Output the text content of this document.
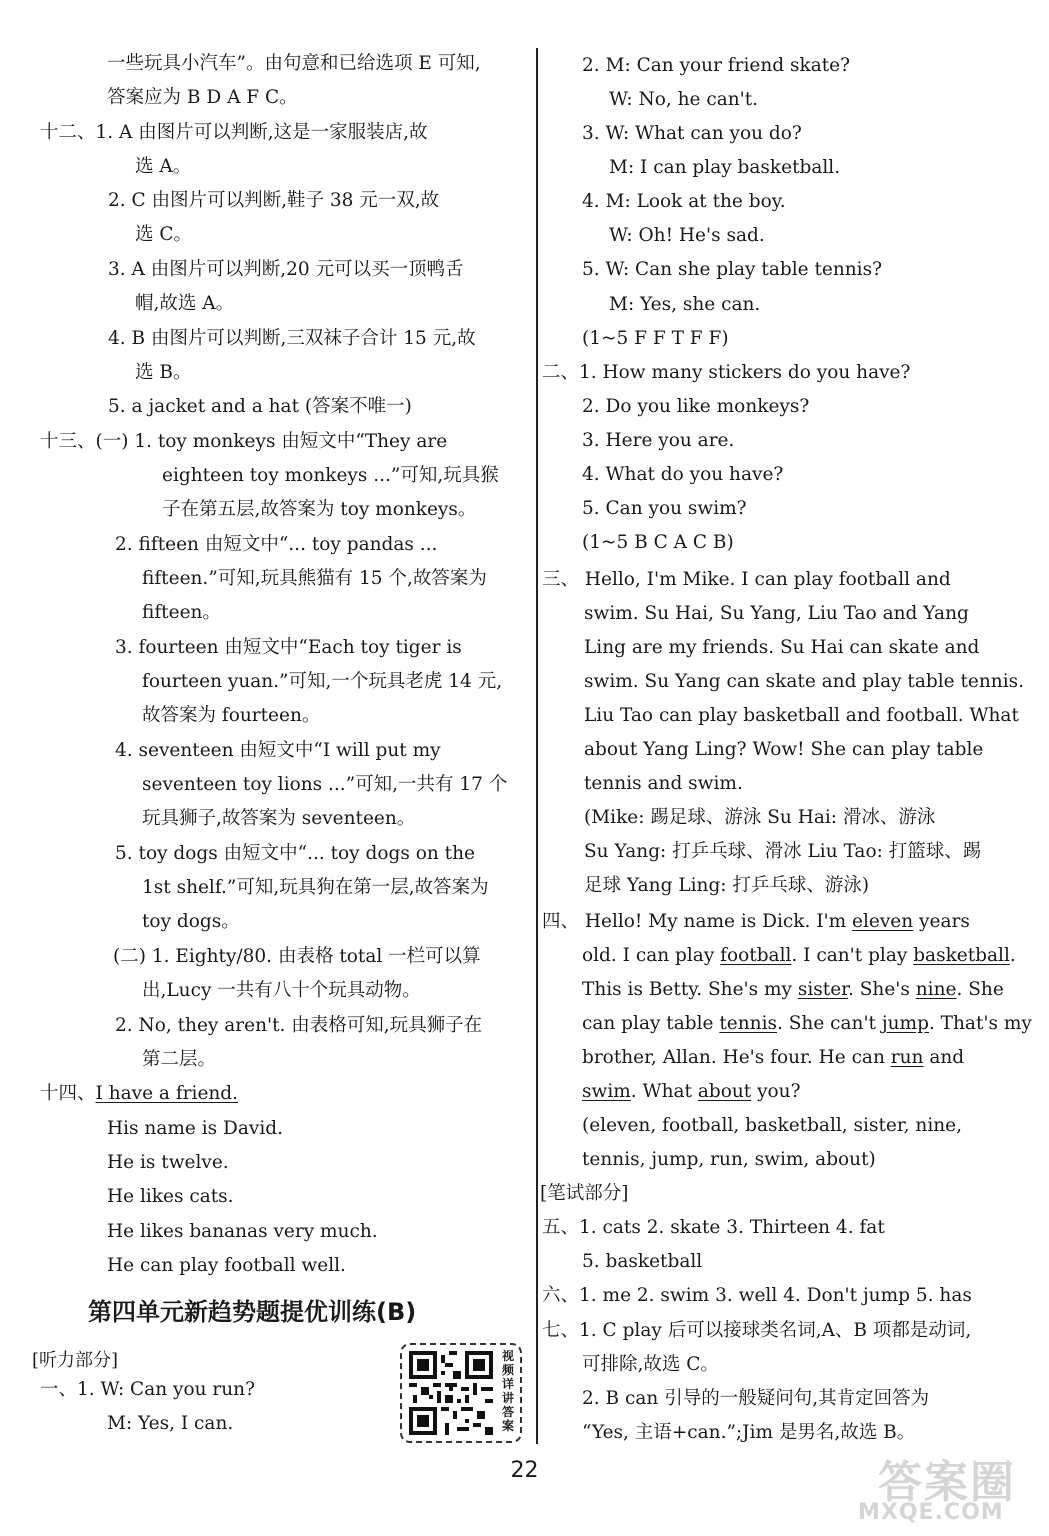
一些玩具小汽车”。由句意和已给选项 E 可知,
答案应为 B D A F C。
十二、1. A 由图片可以判断,这是一家服装店,故
选 A。
2. C 由图片可以判断,鞋子 38 元一双,故
选 C。
3. A 由图片可以判断,20 元可以买一顶鸭舌
帽,故选 A。
4. B 由图片可以判断,三双袜子合计 15 元,故
选 B。
5. a jacket and a hat (答案不唯一)
十三、(一) 1. toy monkeys 由短文中“They are
eighteen toy monkeys ...”可知,玩具猴
子在第五层,故答案为 toy monkeys。
2. fifteen 由短文中“... toy pandas ...
fifteen.”可知,玩具熊猫有 15 个,故答案为
fifteen。
3. fourteen 由短文中“Each toy tiger is
fourteen yuan.”可知,一个玩具老虎 14 元,
故答案为 fourteen。
4. seventeen 由短文中“I will put my
seventeen toy lions ...”可知,一共有 17 个
玩具狮子,故答案为 seventeen。
5. toy dogs 由短文中“... toy dogs on the
1st shelf.”可知,玩具狗在第一层,故答案为
toy dogs。
(二) 1. Eighty/80. 由表格 total 一栏可以算
出,Lucy 一共有八十个玩具动物。
2. No, they aren't. 由表格可知,玩具狮子在
第二层。
十四、I have a friend.
His name is David.
He is twelve.
He likes cats.
He likes bananas very much.
He can play football well.
第四单元新趋势题提优训练(B)
[听力部分]
一、1. W: Can you run?
M: Yes, I can.
视频详讲答案
2. M: Can your friend skate?
W: No, he can't.
3. W: What can you do?
M: I can play basketball.
4. M: Look at the boy.
W: Oh! He's sad.
5. W: Can she play table tennis?
M: Yes, she can.
(1~5 F F T F F)
二、1. How many stickers do you have?
2. Do you like monkeys?
3. Here you are.
4. What do you have?
5. Can you swim?
(1~5 B C A C B)
三、 Hello, I'm Mike. I can play football and
swim. Su Hai, Su Yang, Liu Tao and Yang
Ling are my friends. Su Hai can skate and
swim. Su Yang can skate and play table tennis.
Liu Tao can play basketball and football. What
about Yang Ling? Wow! She can play table
tennis and swim.
(Mike: 踢足球、游泳 Su Hai: 滑冰、游泳
Su Yang: 打乒乓球、滑冰 Liu Tao: 打篮球、踢
足球 Yang Ling: 打乒乓球、游泳)
四、 Hello! My name is Dick. I'm eleven years
old. I can play football. I can't play basketball.
This is Betty. She's my sister. She's nine. She
can play table tennis. She can't jump. That's my
brother, Allan. He's four. He can run and
swim. What about you?
(eleven, football, basketball, sister, nine,
tennis, jump, run, swim, about)
[笔试部分]
五、1. cats 2. skate 3. Thirteen 4. fat
5. basketball
六、1. me 2. swim 3. well 4. Don't jump 5. has
七、1. C play 后可以接球类名词,A、B 项都是动词,
可排除,故选 C。
2. B can 引导的一般疑问句,其肯定回答为
“Yes, 主语+can.”;Jim 是男名,故选 B。
22	答案圈
MXQE.COM
